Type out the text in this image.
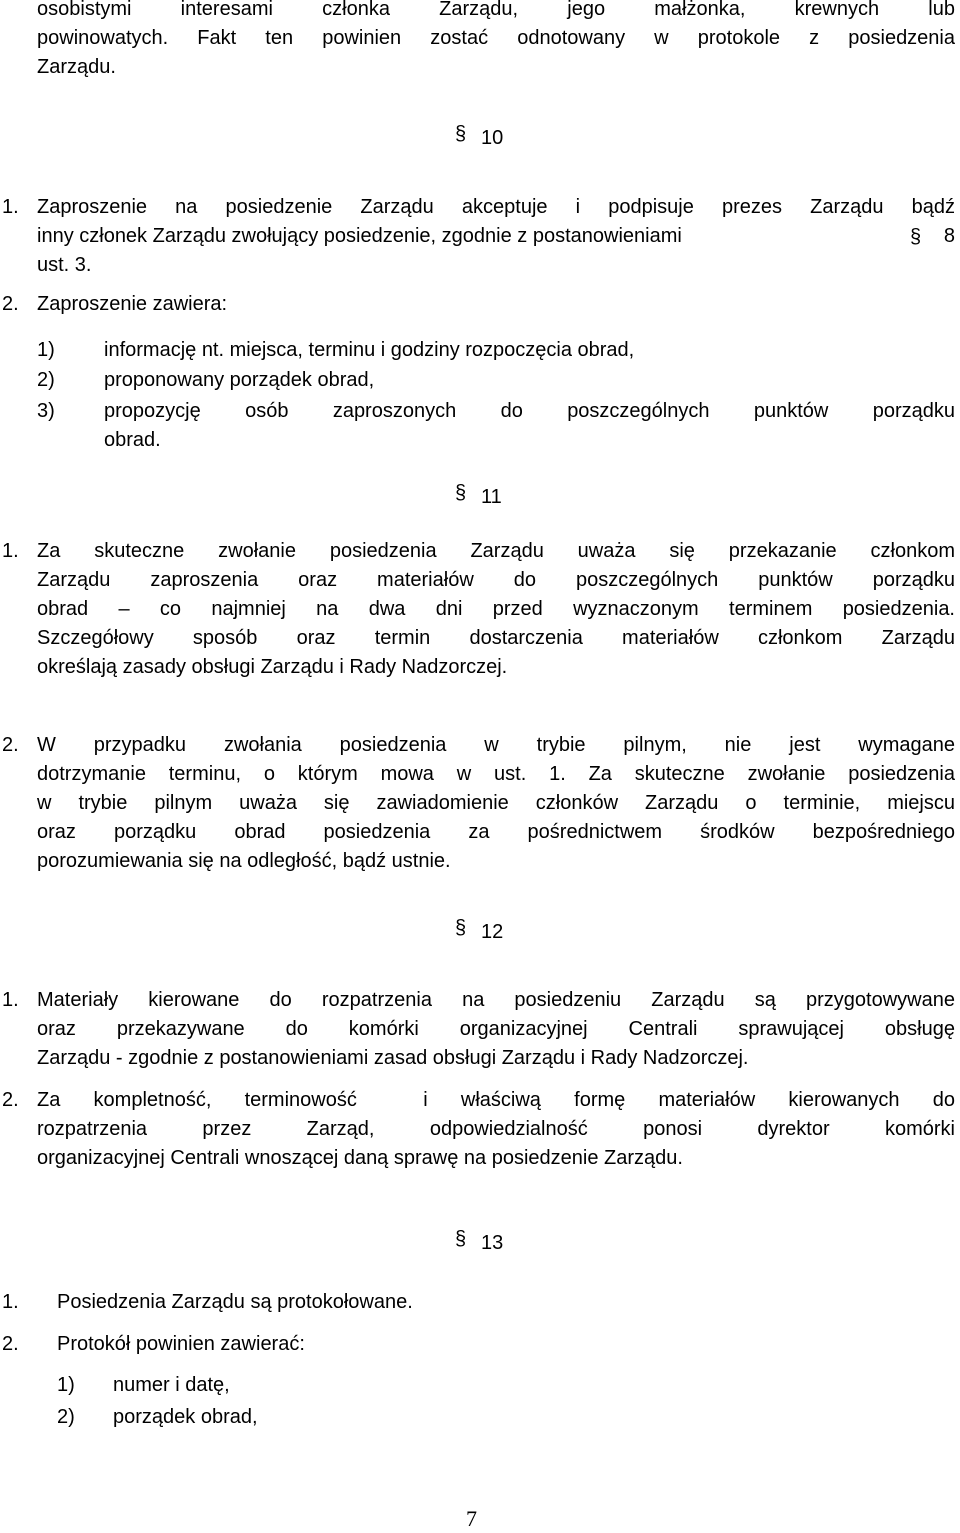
osobistymi interesami członka Zarządu, jego małżonka, krewnych lub
powinowatych. Fakt ten powinien zostać odnotowany w protokole z posiedzenia
Zarządu.
§ 10
1. Zaproszenie na posiedzenie Zarządu akceptuje i podpisuje prezes Zarządu bądź
inny członek Zarządu zwołujący posiedzenie, zgodnie z postanowieniami	§ 8
ust. 3.
2. Zaproszenie zawiera:
1) informację nt. miejsca, terminu i godziny rozpoczęcia obrad,
2) proponowany porządek obrad,
3) propozycję osób zaproszonych do poszczególnych punktów porządku
obrad.
§ 11
1. Za skuteczne zwołanie posiedzenia Zarządu uważa się przekazanie członkom
Zarządu zaproszenia oraz materiałów do poszczególnych punktów porządku
obrad – co najmniej na dwa dni przed wyznaczonym terminem posiedzenia.
Szczegółowy sposób oraz termin dostarczenia materiałów członkom Zarządu
określają zasady obsługi Zarządu i Rady Nadzorczej.
2. W przypadku zwołania posiedzenia w trybie pilnym, nie jest wymagane
dotrzymanie terminu, o którym mowa w ust. 1. Za skuteczne zwołanie posiedzenia
w trybie pilnym uważa się zawiadomienie członków Zarządu o terminie, miejscu
oraz porządku obrad posiedzenia za pośrednictwem środków bezpośredniego
porozumiewania się na odległość, bądź ustnie.
§ 12
1. Materiały kierowane do rozpatrzenia na posiedzeniu Zarządu są przygotowywane
oraz przekazywane do komórki organizacyjnej Centrali sprawującej obsługę
Zarządu - zgodnie z postanowieniami zasad obsługi Zarządu i Rady Nadzorczej.
2. Za kompletność, terminowość  i właściwą formę materiałów kierowanych do
rozpatrzenia przez Zarząd, odpowiedzialność ponosi dyrektor komórki
organizacyjnej Centrali wnoszącej daną sprawę na posiedzenie Zarządu.
§ 13
1. Posiedzenia Zarządu są protokołowane.
2. Protokół powinien zawierać:
1) numer i datę,
2) porządek obrad,
7
